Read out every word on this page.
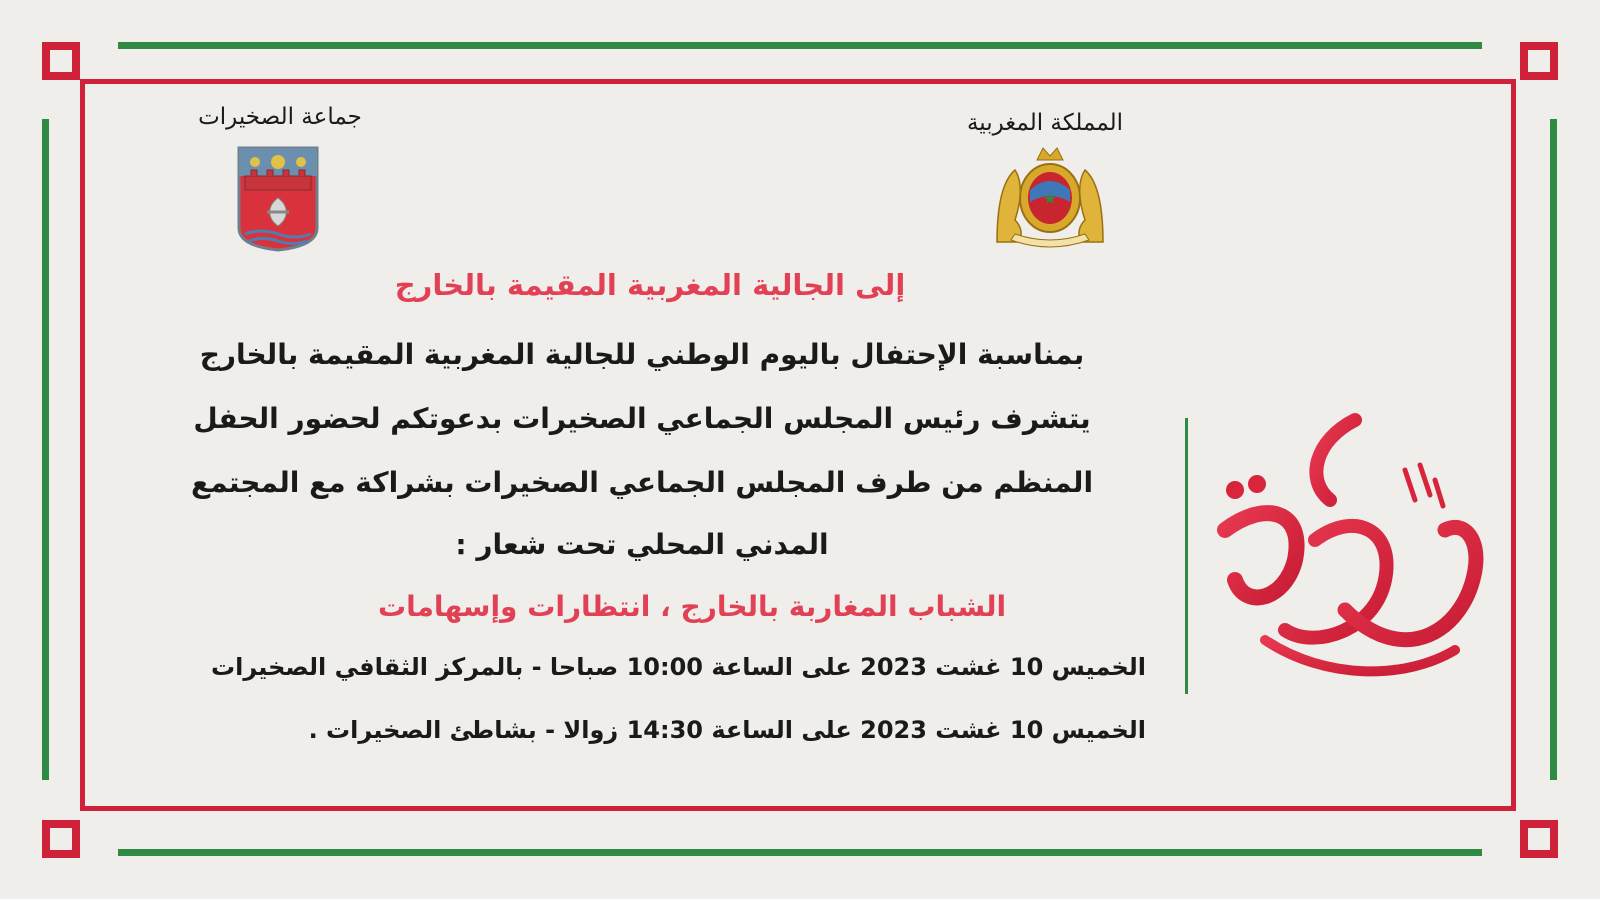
جماعة الصخيرات	المملكة المغربية
إلى الجالية المغربية المقيمة بالخارج
بمناسبة الإحتفال باليوم الوطني للجالية المغربية المقيمة بالخارج
يتشرف رئيس المجلس الجماعي الصخيرات بدعوتكم لحضور الحفل
المنظم من طرف المجلس الجماعي الصخيرات بشراكة مع المجتمع
المدني المحلي تحت شعار :
الشباب المغاربة بالخارج ، انتظارات وإسهامات
الخميس 10 غشت 2023 على الساعة 10:00 صباحا - بالمركز الثقافي الصخيرات
الخميس 10 غشت 2023 على الساعة 14:30 زوالا - بشاطئ الصخيرات .
